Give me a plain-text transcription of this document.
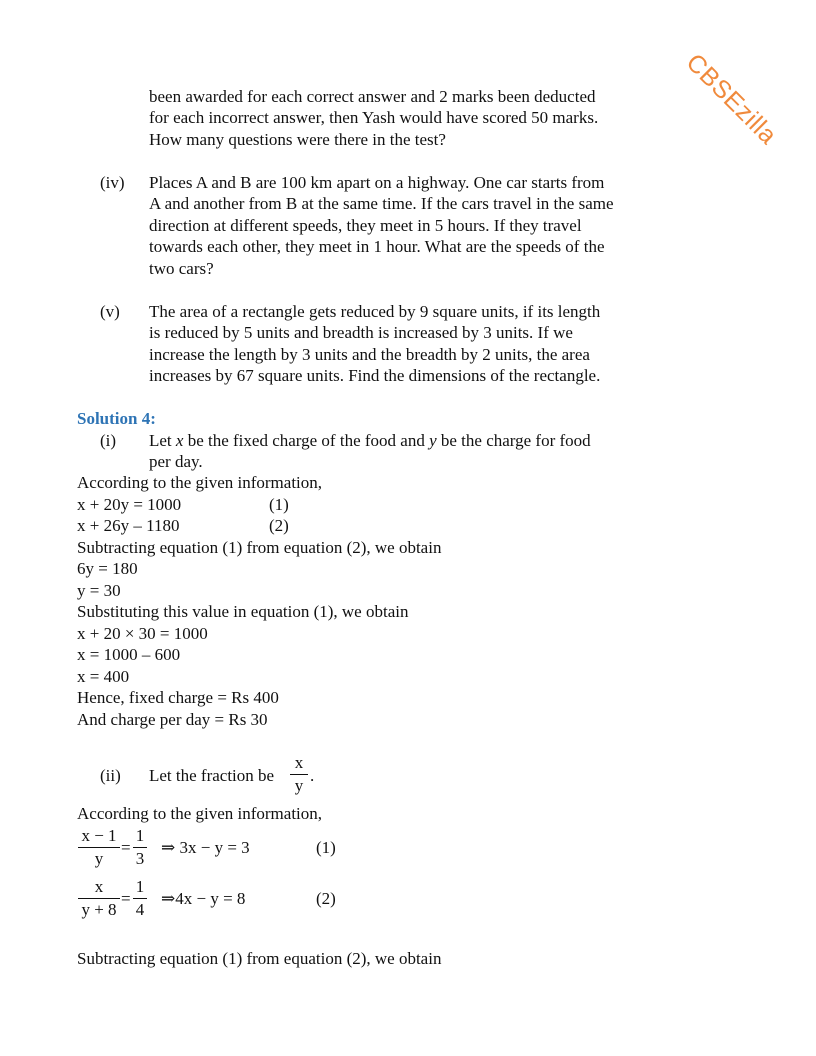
CBSEzilla
been awarded for each correct answer and 2 marks been deducted
for each incorrect answer, then Yash would have scored 50 marks.
How many questions were there in the test?
(iv) Places A and B are 100 km apart on a highway. One car starts from
A and another from B at the same time. If the cars travel in the same
direction at different speeds, they meet in 5 hours. If they travel
towards each other, they meet in 1 hour. What are the speeds of the
two cars?
(v) The area of a rectangle gets reduced by 9 square units, if its length
is reduced by 5 units and breadth is increased by 3 units. If we
increase the length by 3 units and the breadth by 2 units, the area
increases by 67 square units. Find the dimensions of the rectangle.
Solution 4:
(i) Let x be the fixed charge of the food and y be the charge for food
per day.
According to the given information,
x + 20y = 1000	(1)
x + 26y – 1180	(2)
Subtracting equation (1) from equation (2), we obtain
6y = 180
y = 30
Substituting this value in equation (1), we obtain
x + 20 × 30 = 1000
x = 1000 – 600
x = 400
Hence, fixed charge = Rs 400
And charge per day = Rs 30
(ii) Let the fraction be
x
y
.
According to the given information,
x − 1
y
=
1
3
⇒ 3x − y = 3	(1)
x
y + 8
=
1
4
⇒4x − y = 8	(2)
Subtracting equation (1) from equation (2), we obtain
